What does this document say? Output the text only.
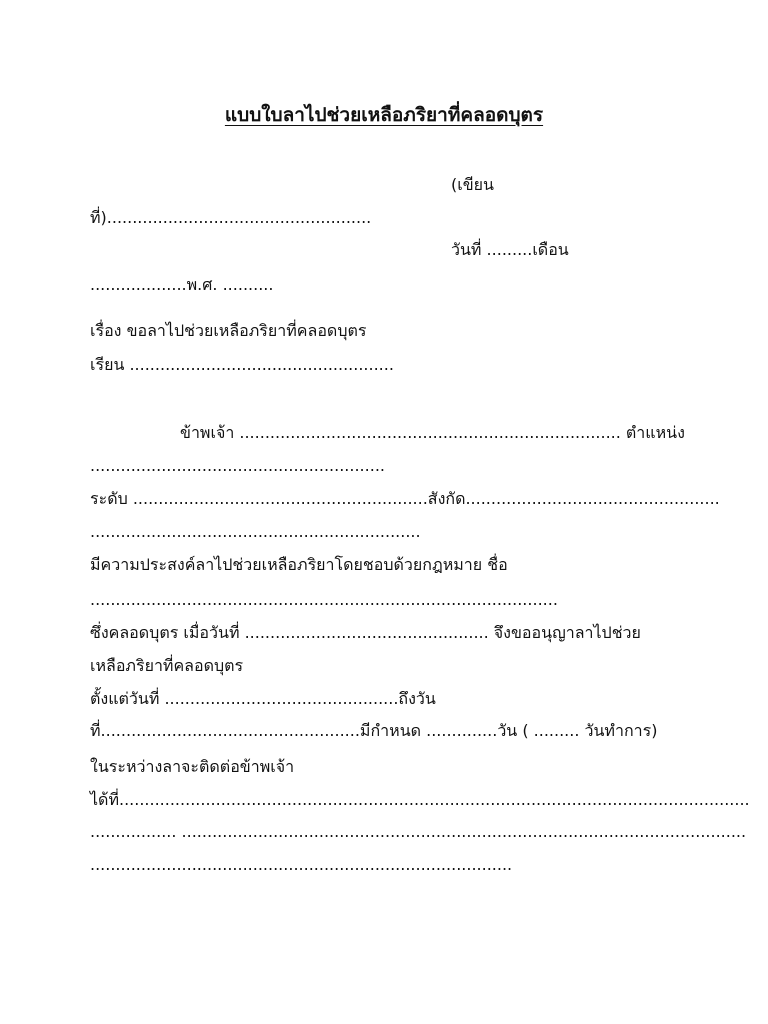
แบบใบลาไปช่วยเหลือภริยาที่คลอดบุตร
(เขียน
ที่)....................................................
วันที่ .........เดือน
...................พ.ศ. ..........
เรื่อง ขอลาไปช่วยเหลือภริยาที่คลอดบุตร
เรียน ....................................................
ข้าพเจ้า ........................................................................... ตำแหน่ง
..........................................................
ระดับ ..........................................................สังกัด..................................................
.................................................................
มีความประสงค์ลาไปช่วยเหลือภริยาโดยชอบด้วยกฎหมาย ชื่อ
............................................................................................
ซึ่งคลอดบุตร เมื่อวันที่ ................................................ จึงขออนุญาลาไปช่วย
เหลือภริยาที่คลอดบุตร
ตั้งแต่วันที่ ..............................................ถึงวัน
ที่...................................................มีกำหนด ..............วัน ( ......... วันทำการ)
ในระหว่างลาจะติดต่อข้าพเจ้า
ได้ที่............................................................................................................................
................. ...............................................................................................................
...................................................................................
